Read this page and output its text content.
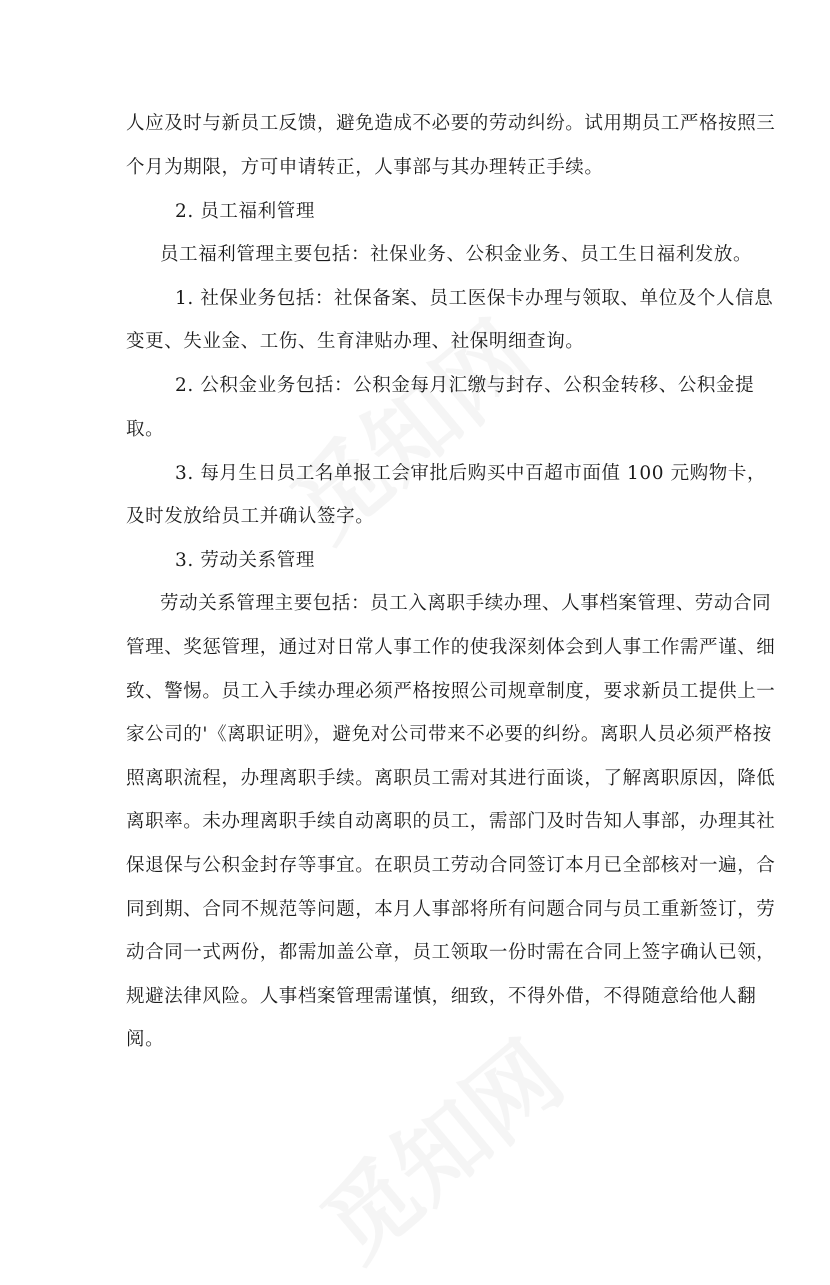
人应及时与新员工反馈，避免造成不必要的劳动纠纷。试用期员工严格按照三
个月为期限，方可申请转正，人事部与其办理转正手续。
2. 员工福利管理
员工福利管理主要包括：社保业务、公积金业务、员工生日福利发放。
1. 社保业务包括：社保备案、员工医保卡办理与领取、单位及个人信息
变更、失业金、工伤、生育津贴办理、社保明细查询。
2. 公积金业务包括：公积金每月汇缴与封存、公积金转移、公积金提
取。
3. 每月生日员工名单报工会审批后购买中百超市面值 100 元购物卡，
及时发放给员工并确认签字。
3. 劳动关系管理
劳动关系管理主要包括：员工入离职手续办理、人事档案管理、劳动合同
管理、奖惩管理，通过对日常人事工作的使我深刻体会到人事工作需严谨、细
致、警惕。员工入手续办理必须严格按照公司规章制度，要求新员工提供上一
家公司的'《离职证明》，避免对公司带来不必要的纠纷。离职人员必须严格按
照离职流程，办理离职手续。离职员工需对其进行面谈，了解离职原因，降低
离职率。未办理离职手续自动离职的员工，需部门及时告知人事部，办理其社
保退保与公积金封存等事宜。在职员工劳动合同签订本月已全部核对一遍，合
同到期、合同不规范等问题，本月人事部将所有问题合同与员工重新签订，劳
动合同一式两份，都需加盖公章，员工领取一份时需在合同上签字确认已领，
规避法律风险。人事档案管理需谨慎，细致，不得外借，不得随意给他人翻
阅。
